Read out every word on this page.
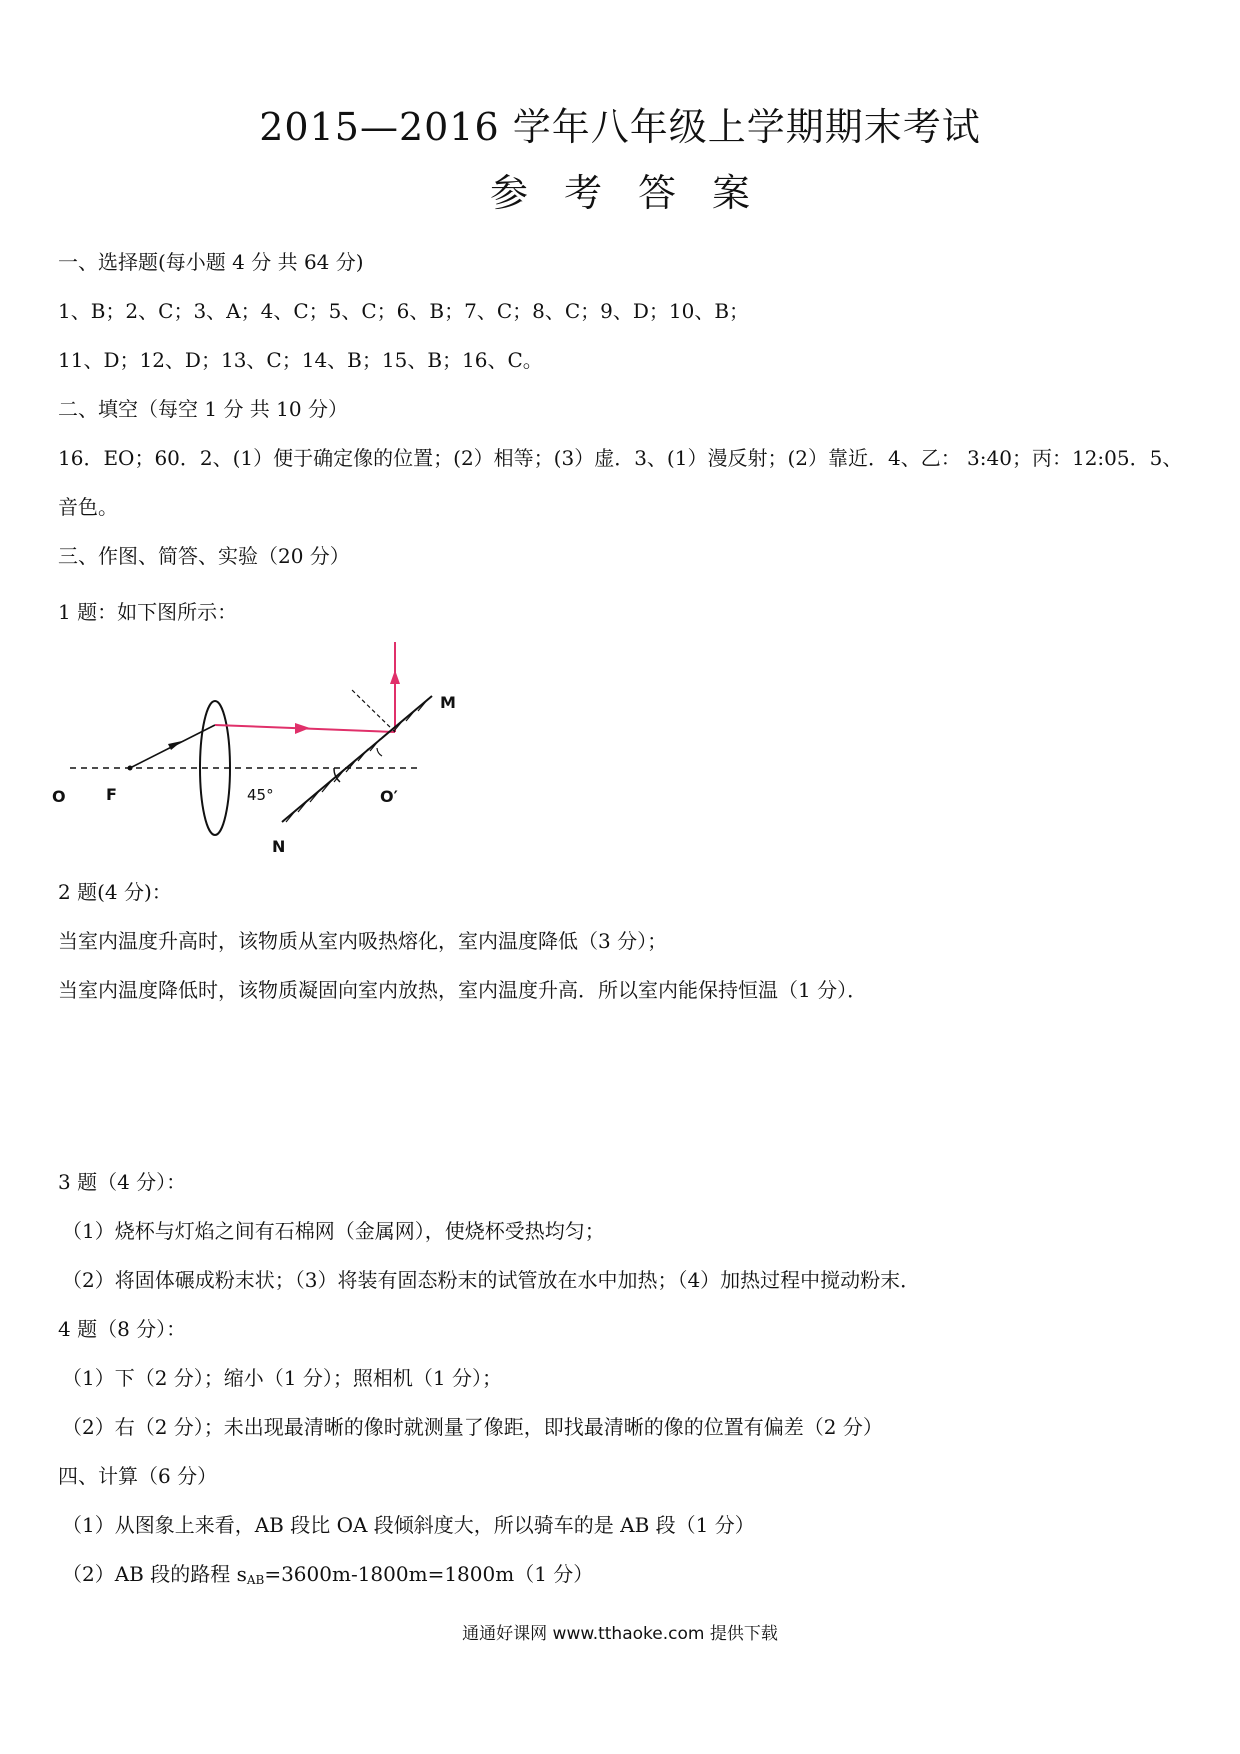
2015—2016 学年八年级上学期期末考试
参考答案
一、选择题(每小题 4 分 共 64 分)
1、B；2、C；3、A；4、C；5、C；6、B；7、C；8、C；9、D；10、B；
11、D；12、D；13、C；14、B；15、B；16、C。
二、填空（每空 1 分 共 10 分）
16．EO；60．2、(1）便于确定像的位置；(2）相等；(3）虚．3、(1）漫反射；(2）靠近．4、乙： 3:40；丙：12:05．5、
音色。
三、作图、简答、实验（20 分）
1 题：如下图所示：
O	F	45°	O′
M
N
2 题(4 分)：
当室内温度升高时，该物质从室内吸热熔化，室内温度降低（3 分）；
当室内温度降低时，该物质凝固向室内放热，室内温度升高．所以室内能保持恒温（1 分）．
3 题（4 分）：
（1）烧杯与灯焰之间有石棉网（金属网），使烧杯受热均匀；
（2）将固体碾成粉末状；（3）将装有固态粉末的试管放在水中加热；（4）加热过程中搅动粉末．
4 题（8 分）：
（1）下（2 分）；缩小（1 分）；照相机（1 分）；
（2）右（2 分）；未出现最清晰的像时就测量了像距，即找最清晰的像的位置有偏差（2 分）
四、计算（6 分）
（1）从图象上来看，AB 段比 OA 段倾斜度大，所以骑车的是 AB 段（1 分）
（2）AB 段的路程 $s_{AB}=3600m-1800m=1800m(1$ 分）
通通好课网 www.tthaoke.com 提供下载
